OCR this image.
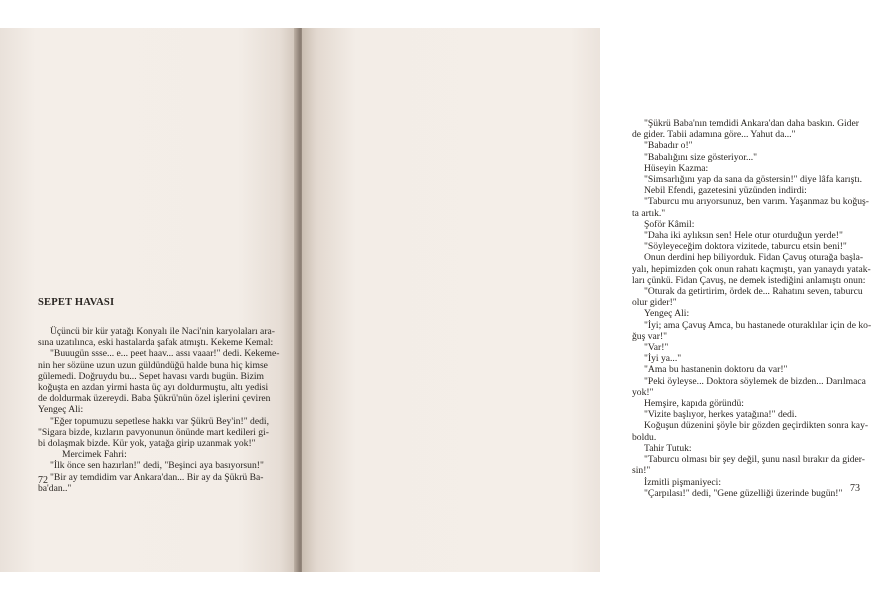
SEPET HAVASI
Üçüncü bir kür yatağı Konyalı ile Naci'nin karyolaları ara-
sına uzatılınca, eski hastalarda şafak atmıştı. Kekeme Kemal:
"Buuugün ssse... e... peet haav... assı vaaar!" dedi. Kekeme-
nin her sözüne uzun uzun güldündüğü halde buna hiç kimse
gülemedi. Doğruydu bu... Sepet havası vardı bugün. Bizim
koğuşta en azdan yirmi hasta üç ayı doldurmuştu, altı yedisi
de doldurmak üzereydi. Baba Şükrü'nün özel işlerini çeviren
Yengeç Ali:
"Eğer topumuzu sepetlese hakkı var Şükrü Bey'in!" dedi,
"Sigara bizde, kızların pavyonunun önünde mart kedileri gi-
bi dolaşmak bizde. Kür yok, yatağa girip uzanmak yok!"
Mercimek Fahri:
"İlk önce sen hazırlan!" dedi, "Beşinci aya basıyorsun!"
"Bir ay temdidim var Ankara'dan... Bir ay da Şükrü Ba-
ba'dan.."
72
"Şükrü Baba'nın temdidi Ankara'dan daha baskın. Gider
de gider. Tabii adamına göre... Yahut da..."
"Babadır o!"
"Babalığını size gösteriyor..."
Hüseyin Kazma:
"Simsarlığını yap da sana da göstersin!" diye lâfa karıştı.
Nebil Efendi, gazetesini yüzünden indirdi:
"Taburcu mu arıyorsunuz, ben varım. Yaşanmaz bu koğuş-
ta artık."
Şoför Kâmil:
"Daha iki aylıksın sen! Hele otur oturduğun yerde!"
"Söyleyeceğim doktora vizitede, taburcu etsin beni!"
Onun derdini hep biliyorduk. Fidan Çavuş oturağa başla-
yalı, hepimizden çok onun rahatı kaçmıştı, yan yanaydı yatak-
ları çünkü. Fidan Çavuş, ne demek istediğini anlamıştı onun:
"Oturak da getirtirim, ördek de... Rahatını seven, taburcu
olur gider!"
Yengeç Ali:
"İyi; ama Çavuş Amca, bu hastanede oturaklılar için de ko-
ğuş var!"
"Var!"
"İyi ya..."
"Ama bu hastanenin doktoru da var!"
"Peki öyleyse... Doktora söylemek de bizden... Darılmaca
yok!"
Hemşire, kapıda göründü:
"Vizite başlıyor, herkes yatağına!" dedi.
Koğuşun düzenini şöyle bir gözden geçirdikten sonra kay-
boldu.
Tahir Tutuk:
"Taburcu olması bir şey değil, şunu nasıl bırakır da gider-
sin!"
İzmitli pişmaniyeci:
"Çarpılası!" dedi, "Gene güzelliği üzerinde bugün!" 73
